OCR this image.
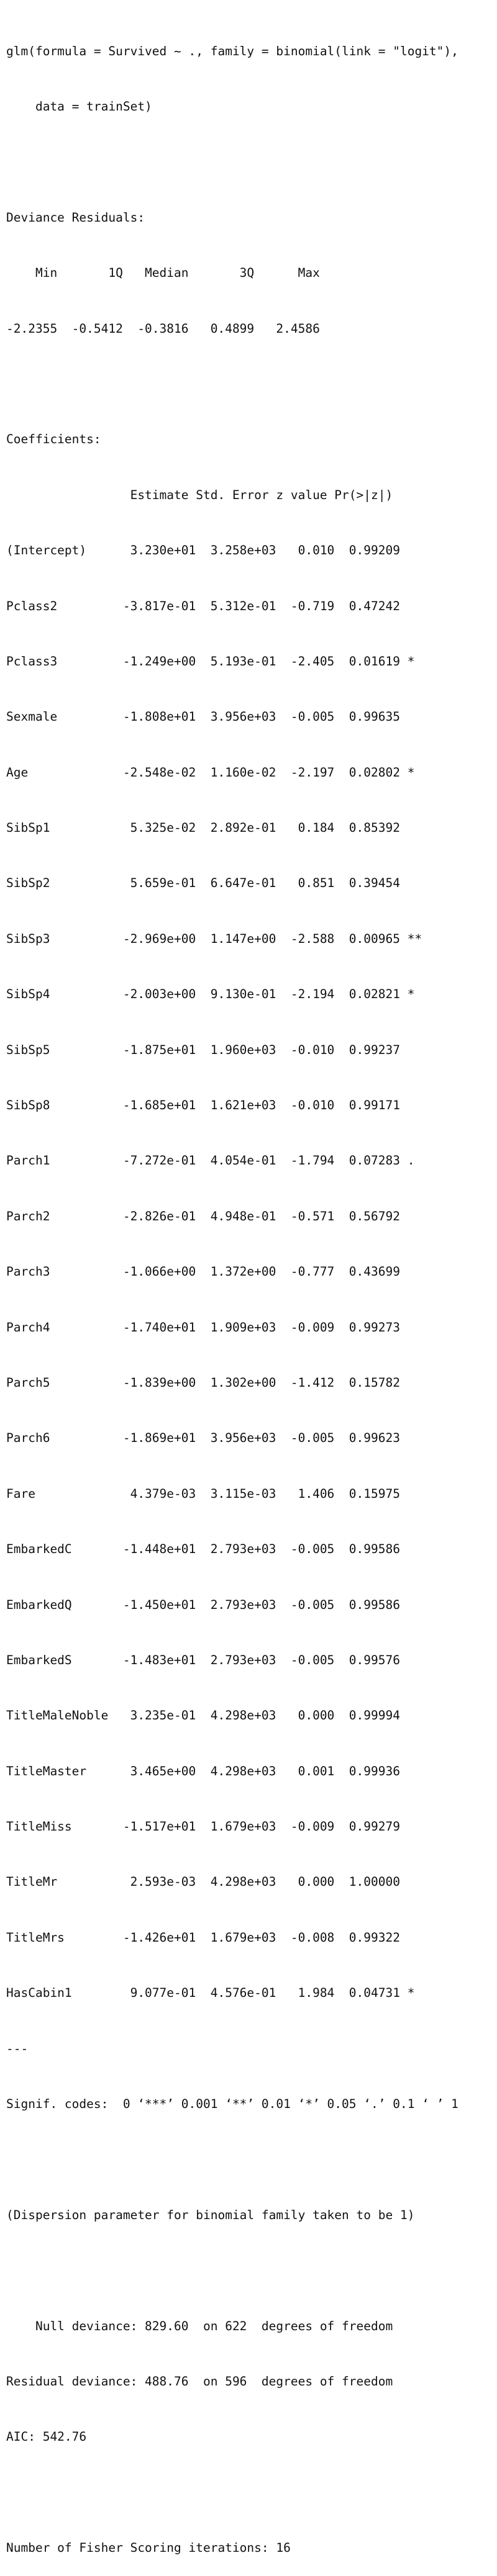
glm(formula = Survived ~ ., family = binomial(link = "logit"),

data = trainSet)

Deviance Residuals:

Min       1Q   Median       3Q      Max

-2.2355  -0.5412  -0.3816   0.4899   2.4586

Coefficients:

Estimate Std. Error z value Pr(>|z|)

(Intercept)      3.230e+01  3.258e+03   0.010  0.99209

Pclass2         -3.817e-01  5.312e-01  -0.719  0.47242

Pclass3         -1.249e+00  5.193e-01  -2.405  0.01619 *

Sexmale         -1.808e+01  3.956e+03  -0.005  0.99635

Age             -2.548e-02  1.160e-02  -2.197  0.02802 *

SibSp1           5.325e-02  2.892e-01   0.184  0.85392

SibSp2           5.659e-01  6.647e-01   0.851  0.39454

SibSp3          -2.969e+00  1.147e+00  -2.588  0.00965 **

SibSp4          -2.003e+00  9.130e-01  -2.194  0.02821 *

SibSp5          -1.875e+01  1.960e+03  -0.010  0.99237

SibSp8          -1.685e+01  1.621e+03  -0.010  0.99171

Parch1          -7.272e-01  4.054e-01  -1.794  0.07283 .

Parch2          -2.826e-01  4.948e-01  -0.571  0.56792

Parch3          -1.066e+00  1.372e+00  -0.777  0.43699

Parch4          -1.740e+01  1.909e+03  -0.009  0.99273

Parch5          -1.839e+00  1.302e+00  -1.412  0.15782

Parch6          -1.869e+01  3.956e+03  -0.005  0.99623

Fare             4.379e-03  3.115e-03   1.406  0.15975

EmbarkedC       -1.448e+01  2.793e+03  -0.005  0.99586

EmbarkedQ       -1.450e+01  2.793e+03  -0.005  0.99586

EmbarkedS       -1.483e+01  2.793e+03  -0.005  0.99576

TitleMaleNoble   3.235e-01  4.298e+03   0.000  0.99994

TitleMaster      3.465e+00  4.298e+03   0.001  0.99936

TitleMiss       -1.517e+01  1.679e+03  -0.009  0.99279

TitleMr          2.593e-03  4.298e+03   0.000  1.00000

TitleMrs        -1.426e+01  1.679e+03  -0.008  0.99322

HasCabin1        9.077e-01  4.576e-01   1.984  0.04731 *

---

Signif. codes:  0 ‘***’ 0.001 ‘**’ 0.01 ‘*’ 0.05 ‘.’ 0.1 ‘ ’ 1

(Dispersion parameter for binomial family taken to be 1)

Null deviance: 829.60  on 622  degrees of freedom

Residual deviance: 488.76  on 596  degrees of freedom

AIC: 542.76

Number of Fisher Scoring iterations: 16
